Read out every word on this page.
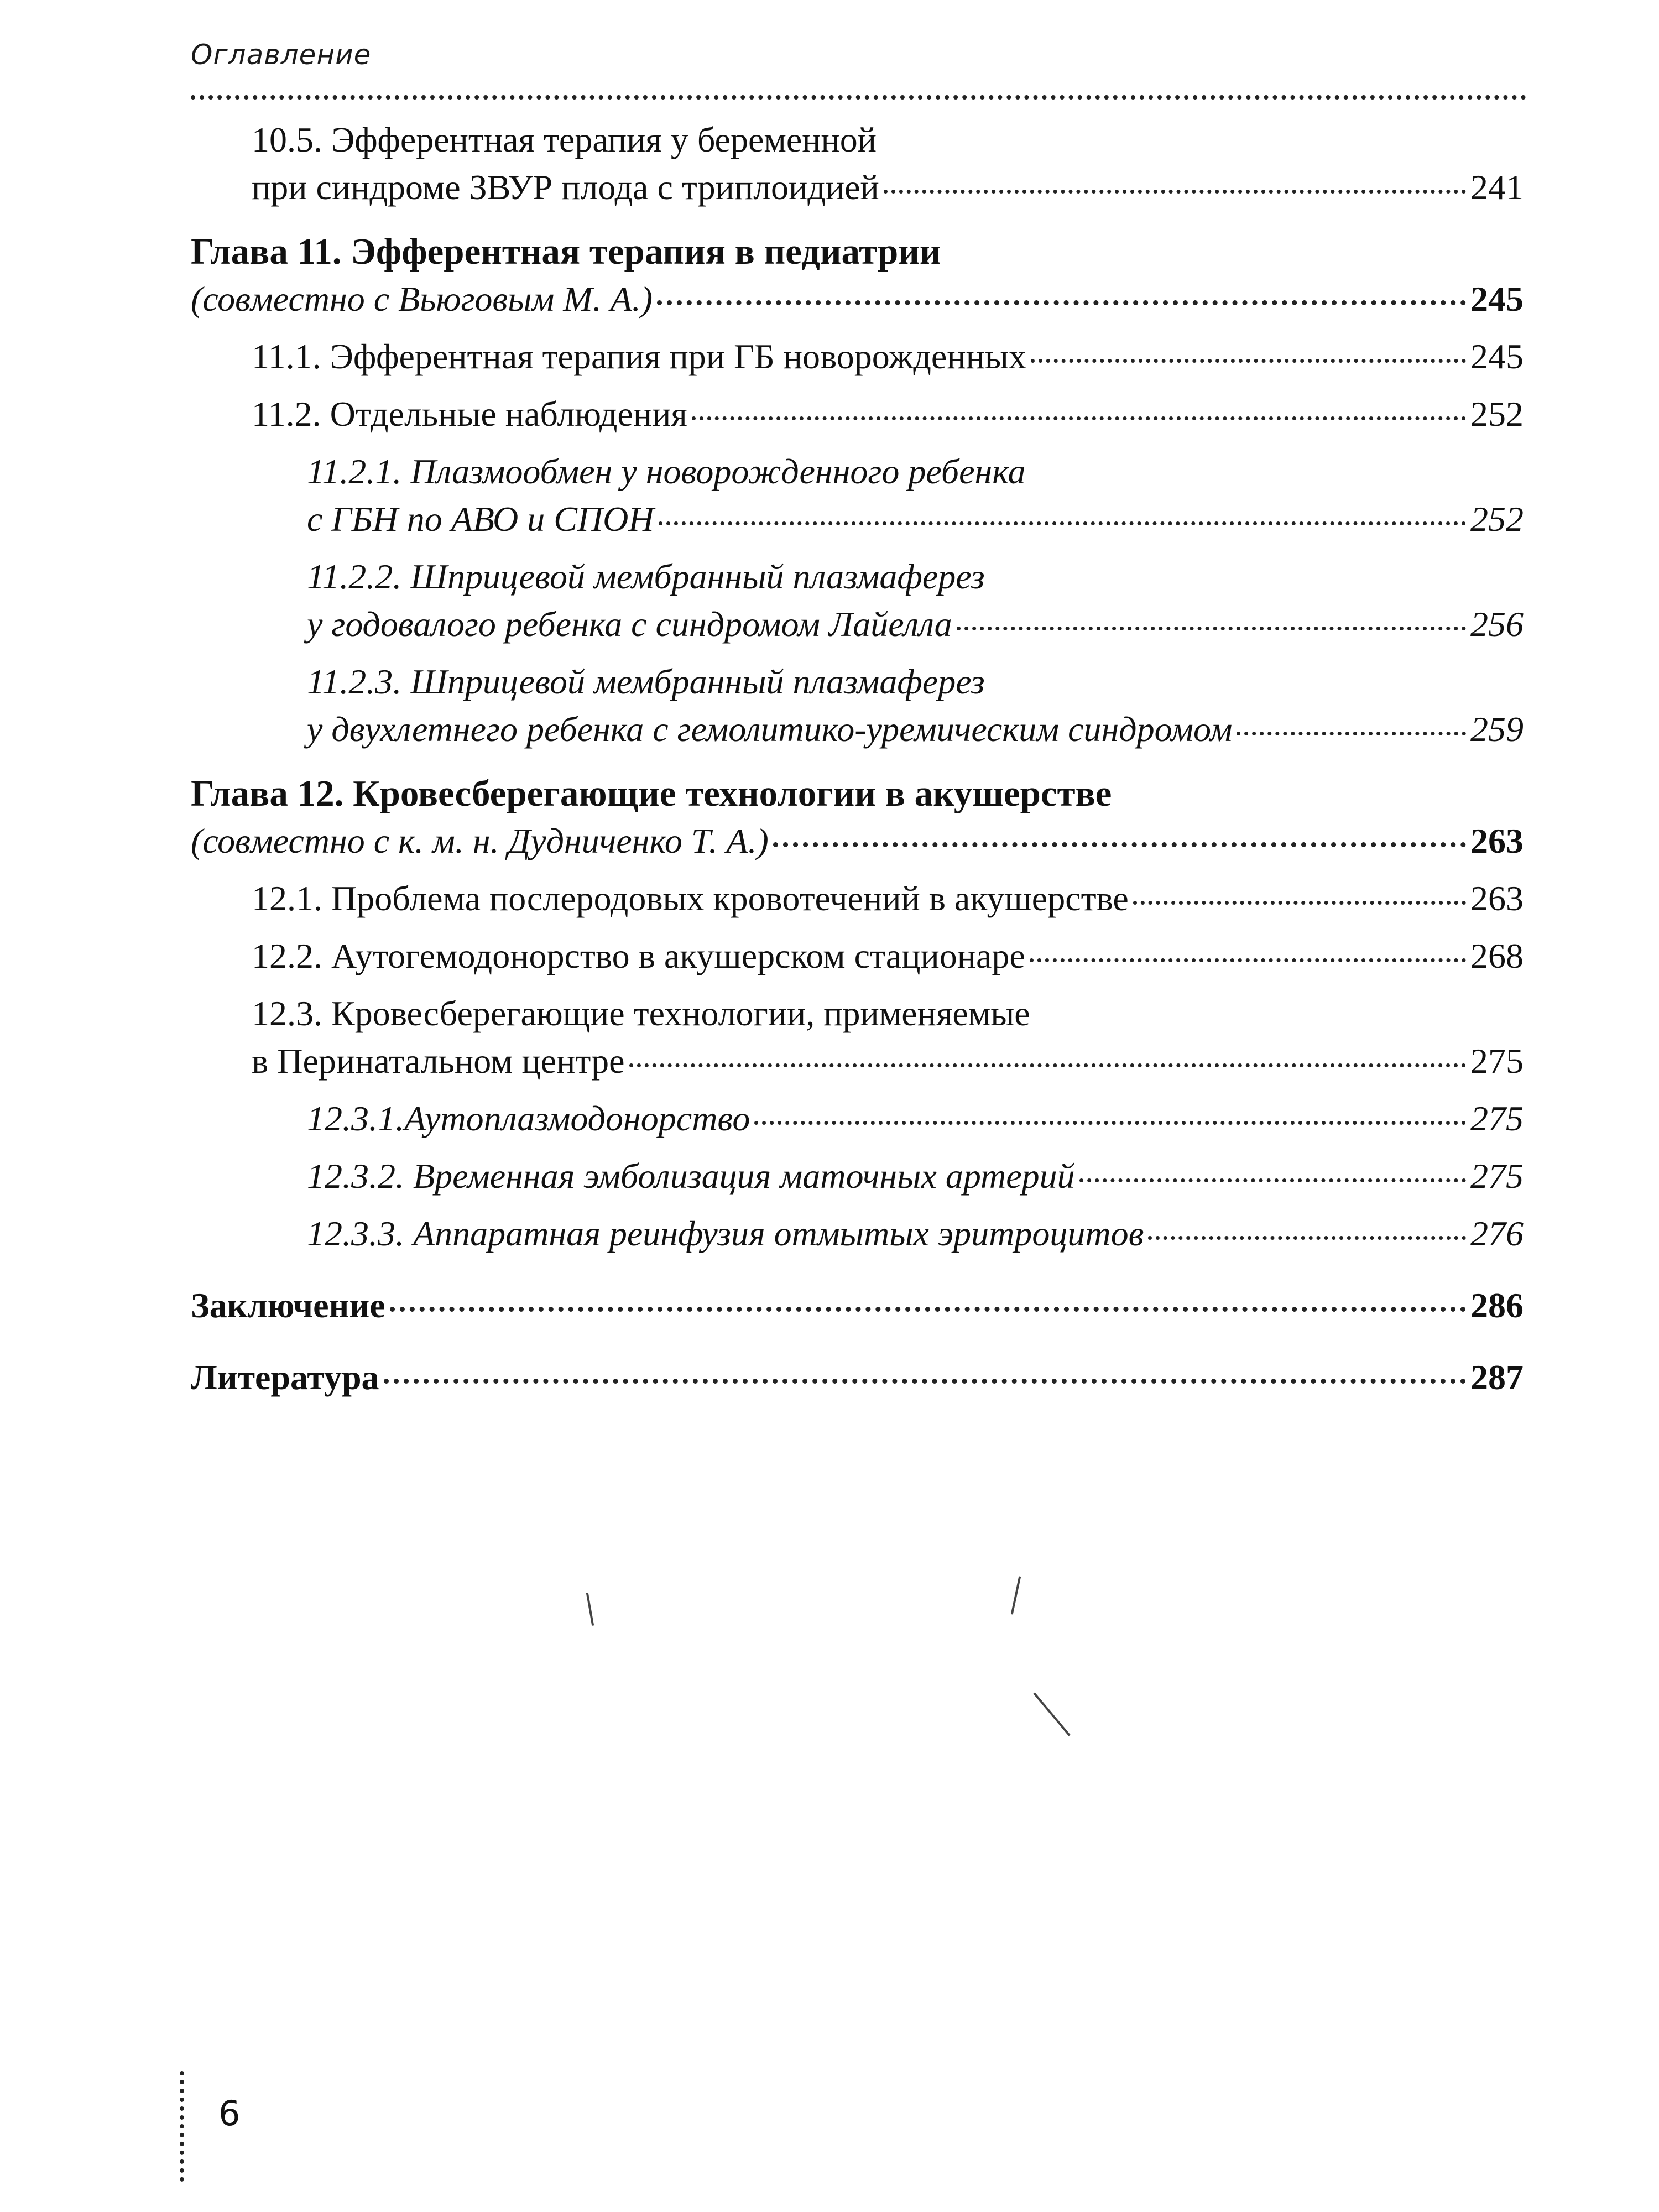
Оглавление
10.5. Эфферентная терапия у беременной
при синдроме ЗВУР плода с триплоидией	241
Глава 11. Эфферентная терапия в педиатрии
(совместно с Вьюговым М. А.)	245
11.1. Эфферентная терапия при ГБ новорожденных	245
11.2. Отдельные наблюдения	252
11.2.1. Плазмообмен у новорожденного ребенка
с ГБН по АВО и СПОН	252
11.2.2. Шприцевой мембранный плазмаферез
у годовалого ребенка с синдромом Лайелла	256
11.2.3. Шприцевой мембранный плазмаферез
у двухлетнего ребенка с гемолитико-уремическим синдромом	259
Глава 12. Кровесберегающие технологии в акушерстве
(совместно с к. м. н. Дудниченко Т. А.)	263
12.1. Проблема послеродовых кровотечений в акушерстве	263
12.2. Аутогемодонорство в акушерском стационаре	268
12.3. Кровесберегающие технологии, применяемые
в Перинатальном центре	275
12.3.1.Аутоплазмодонорство	275
12.3.2. Временная эмболизация маточных артерий	275
12.3.3. Аппаратная реинфузия отмытых эритроцитов	276
Заключение	286
Литература	287
6
